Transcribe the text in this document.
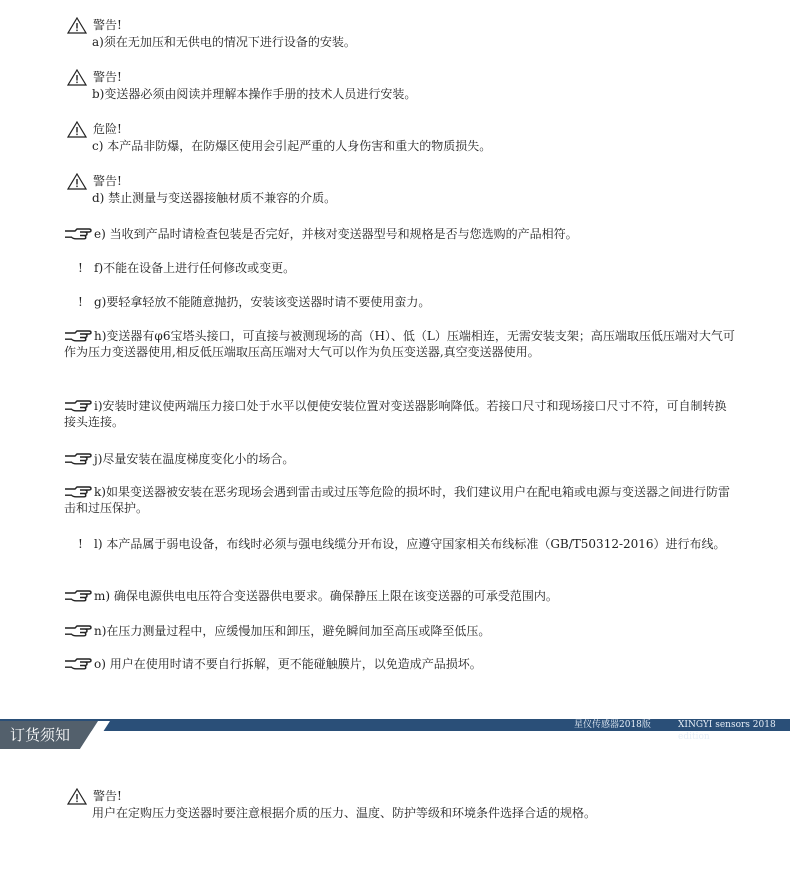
警告!
a)须在无加压和无供电的情况下进行设备的安装。
警告!
b)变送器必须由阅读并理解本操作手册的技术人员进行安装。
危险!
c) 本产品非防爆，在防爆区使用会引起严重的人身伤害和重大的物质损失。
警告!
d) 禁止测量与变送器接触材质不兼容的介质。
e) 当收到产品时请检查包装是否完好，并核对变送器型号和规格是否与您选购的产品相符。
! f)不能在设备上进行任何修改或变更。
! g)要轻拿轻放不能随意抛扔，安装该变送器时请不要使用蛮力。
h)变送器有φ6宝塔头接口，可直接与被测现场的高（H）、低（L）压端相连，无需安装支架；高压端取压低压端对大气可作为压力变送器使用,相反低压端取压高压端对大气可以作为负压变送器,真空变送器使用。
i)安装时建议使两端压力接口处于水平以便使安装位置对变送器影响降低。若接口尺寸和现场接口尺寸不符，可自制转换接头连接。
j)尽量安装在温度梯度变化小的场合。
k)如果变送器被安装在恶劣现场会遇到雷击或过压等危险的损坏时，我们建议用户在配电箱或电源与变送器之间进行防雷击和过压保护。
! l) 本产品属于弱电设备，布线时必须与强电线缆分开布设，应遵守国家相关布线标准（GB/T50312-2016）进行布线。
m) 确保电源供电电压符合变送器供电要求。确保静压上限在该变送器的可承受范围内。
n)在压力测量过程中，应缓慢加压和卸压，避免瞬间加至高压或降至低压。
o) 用户在使用时请不要自行拆解，更不能碰触膜片，以免造成产品损坏。
订货须知
星仪传感器2018版	XINGYI sensors 2018 edition
警告!
用户在定购压力变送器时要注意根据介质的压力、温度、防护等级和环境条件选择合适的规格。
